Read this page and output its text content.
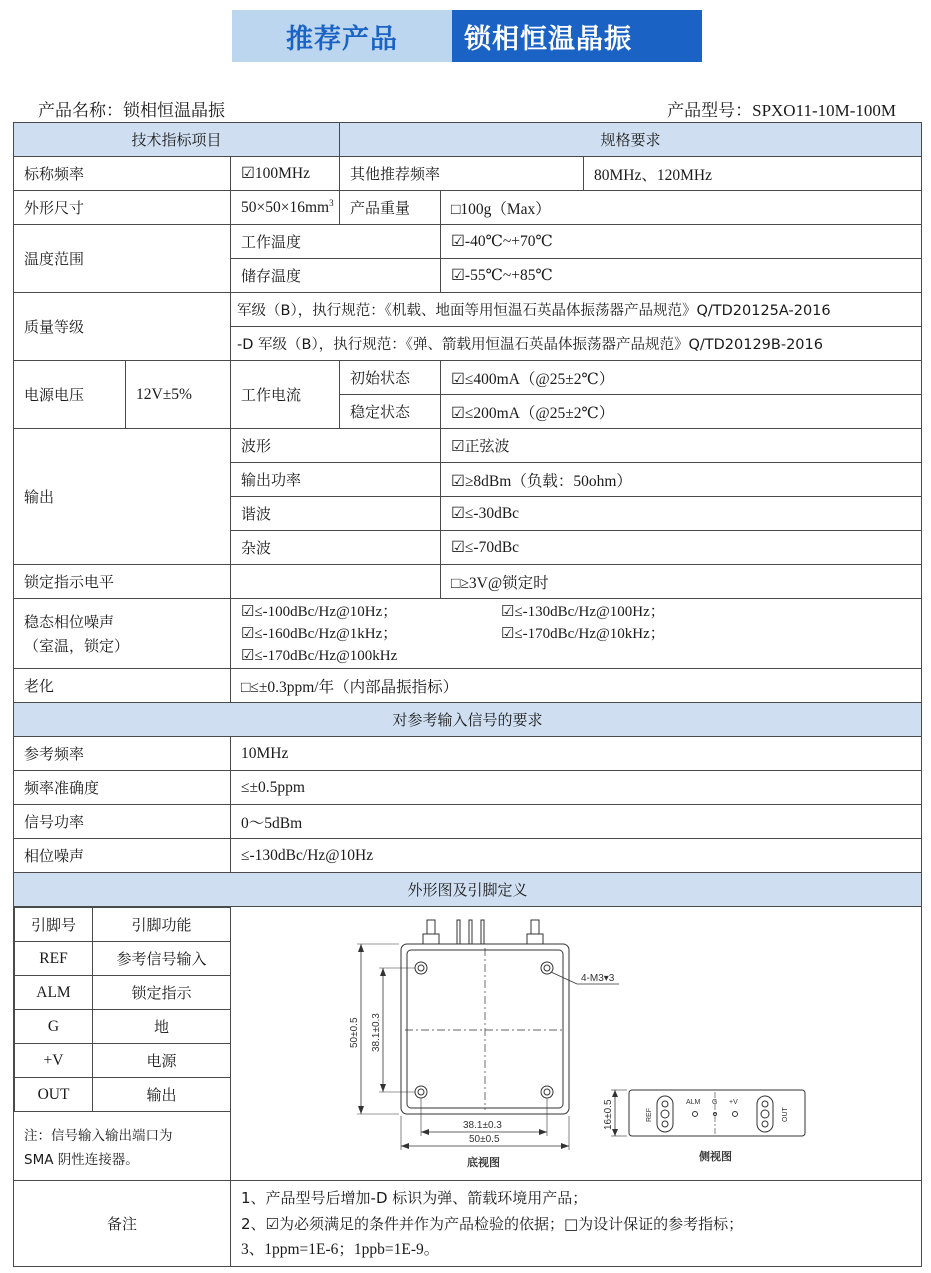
推荐产品	锁相恒温晶振
产品名称：锁相恒温晶振	产品型号：SPXO11-10M-100M
技术指标项目	规格要求
标称频率	☑100MHz	其他推荐频率	80MHz、120MHz
外形尺寸	$50\times 50\times 16mm^3$	产品重量	□100g（Max）
温度范围	工作温度	☑-40℃~+70℃
储存温度	☑-55℃~+85℃
质量等级	军级（B），执行规范：《机载、地面等用恒温石英晶体振荡器产品规范》Q/TD20125A-2016
-D 军级（B），执行规范：《弹、箭载用恒温石英晶体振荡器产品规范》Q/TD20129B-2016
电源电压	12V±5%	工作电流	初始状态	☑≤400mA（@25±2℃）
稳定状态	☑≤200mA（@25±2℃）
输出	波形	☑正弦波
输出功率	☑≥8dBm（负载：50ohm）
谐波	☑≤-30dBc
杂波	☑≤-70dBc
锁定指示电平		□≥3V@锁定时

稳态相位噪声
（室温，锁定）

☑≤-100dBc/Hz@10Hz；	☑≤-130dBc/Hz@100Hz；
☑≤-160dBc/Hz@1kHz；	☑≤-170dBc/Hz@10kHz；
☑≤-170dBc/Hz@100kHz

老化	□≤±0.3ppm/年（内部晶振指标）
对参考输入信号的要求
参考频率	10MHz
频率准确度	≤±0.5ppm
信号功率	0～5dBm
相位噪声	≤-130dBc/Hz@10Hz
外形图及引脚定义

引脚号	引脚功能
REF	参考信号输入
ALM	锁定指示
G	地
+V	电源
OUT	输出
注：信号输入输出端口为
SMA 阴性连接器。

4-M3▾3
50±0.5 38.1±0.3
38.1±0.3
50±0.5
底视图
16±0.5	REF
ALM G +V
OUT
侧视图

备注	

1、产品型号后增加-D 标识为弹、箭载环境用产品；

2、☑为必须满足的条件并作为产品检验的依据；□为设计保证的参考指标；

3、1ppm=1E-6；1ppb=1E-9。
